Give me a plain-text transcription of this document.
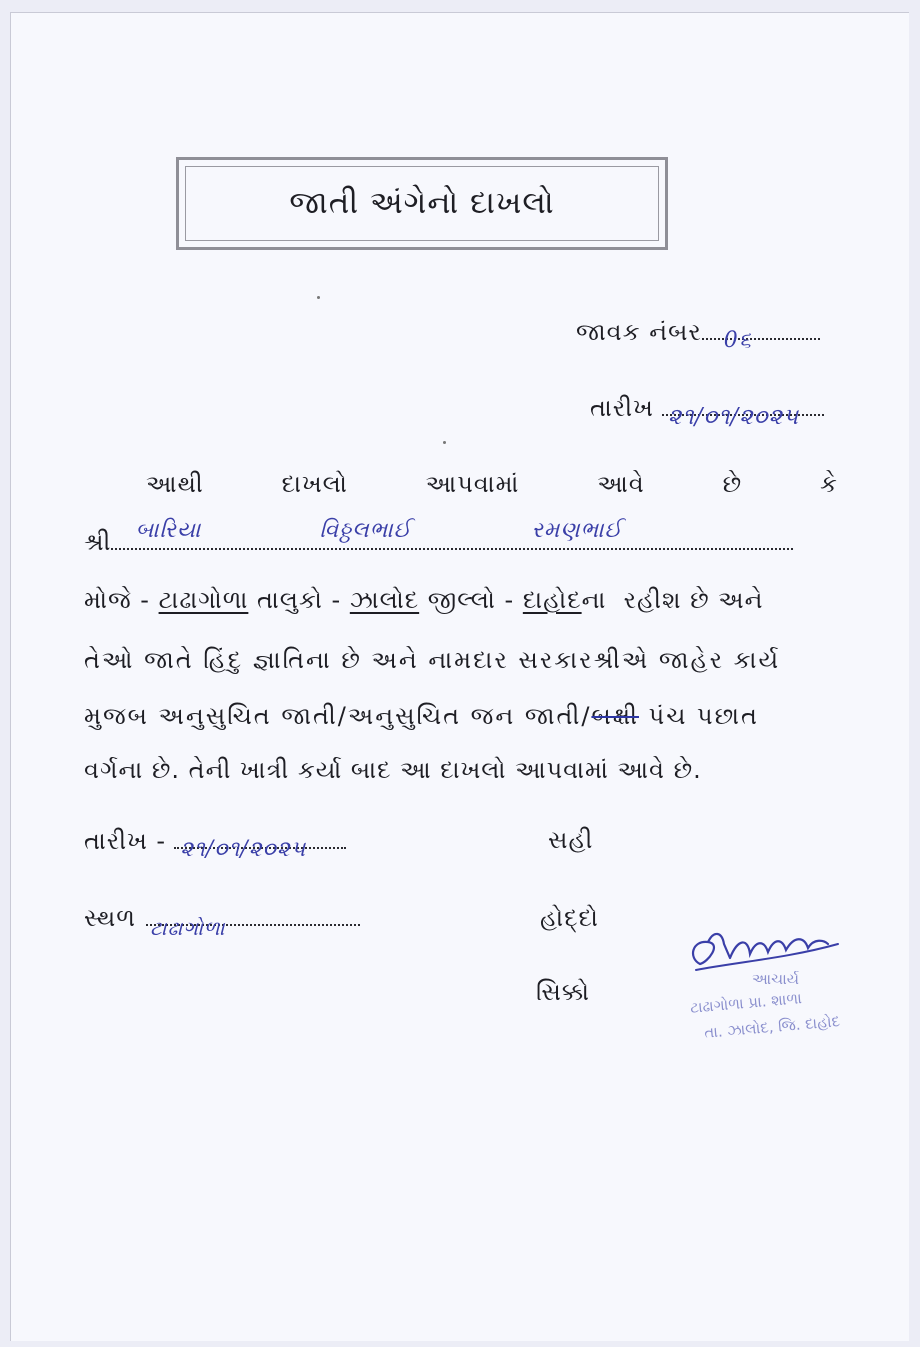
જાતી અંગેનો દાખલો
જાવક નંબર 0૬
તારીખ ૨૧/૦૧/૨૦૨૫
આથી	દાખલો	આપવામાં	આવે	છે	કે
શ્રી બારિયા	વિઠ્ઠલભાઈ	રમણભાઈ
મોજે - ટાઢાગોળા તાલુકો - ઝાલોદ જીલ્લો - દાહોદના  રહીશ છે અને
તેઓ જાતે હિંદુ જ્ઞાતિના છે અને નામદાર સરકારશ્રીએ જાહેર કાર્ય
મુજબ અનુસુચિત જાતી/અનુસુચિત જન જાતી/બક્ષી પંચ પછાત
વર્ગના છે. તેની ખાત્રી કર્યા બાદ આ દાખલો આપવામાં આવે છે.
તારીખ - ૨૧/૦૧/૨૦૨૫
સ્થળ ટાઢાગોળા
સહી
હોદ્દો
સિક્કો	આચાર્ય
ટાઢાગોળા પ્રા. શાળા
તા. ઝાલોદ, જિ. દાહોદ
